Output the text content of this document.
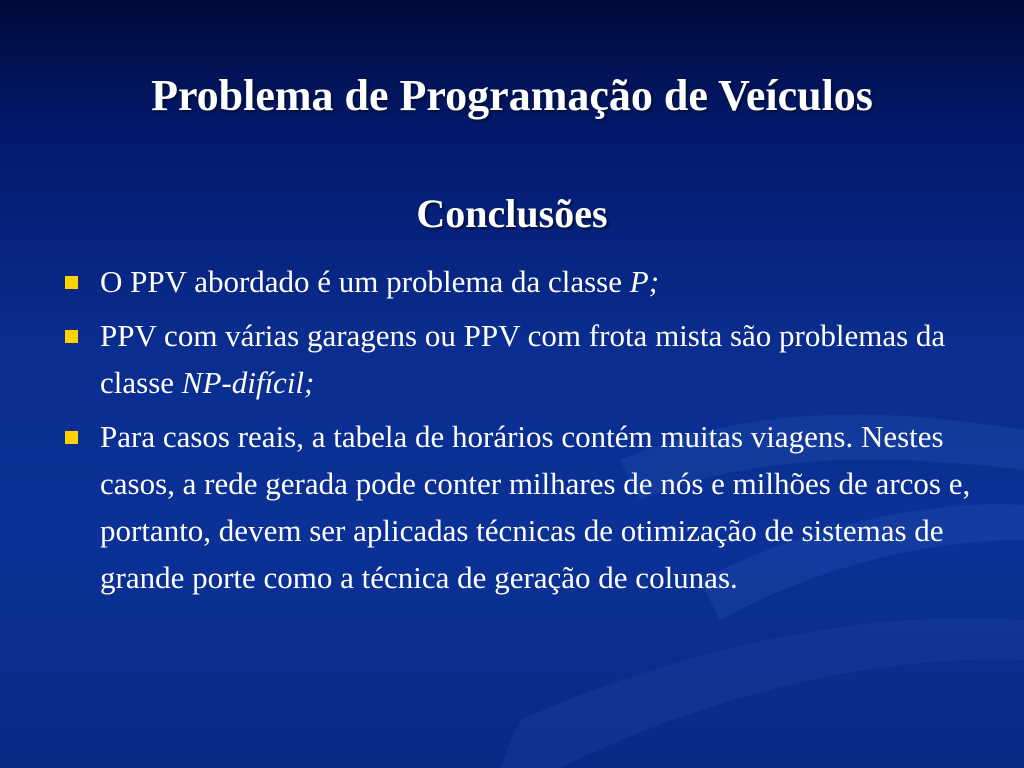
Problema de Programação de Veículos
Conclusões
O PPV abordado é um problema da classe P;
PPV com várias garagens ou PPV com frota mista são problemas da classe NP-difícil;
Para casos reais, a tabela de horários contém muitas viagens. Nestes casos, a rede gerada pode conter milhares de nós e milhões de arcos e, portanto, devem ser aplicadas técnicas de otimização de sistemas de grande porte como a técnica de geração de colunas.
